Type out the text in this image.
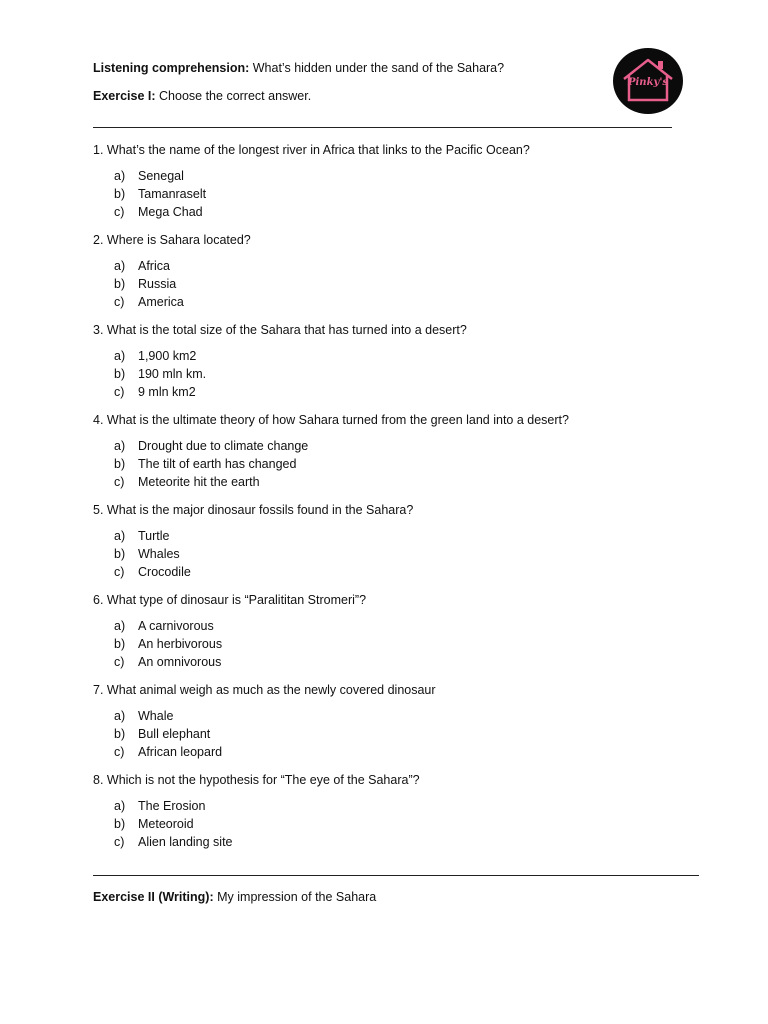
Listening comprehension: What’s hidden under the sand of the Sahara?
Exercise I: Choose the correct answer.
Pinky's
1. What’s the name of the longest river in Africa that links to the Pacific Ocean?
a) Senegal
b) Tamanraselt
c) Mega Chad
2. Where is Sahara located?
a) Africa
b) Russia
c) America
3. What is the total size of the Sahara that has turned into a desert?
a) 1,900 km2
b) 190 mln km.
c) 9 mln km2
4. What is the ultimate theory of how Sahara turned from the green land into a desert?
a) Drought due to climate change
b) The tilt of earth has changed
c) Meteorite hit the earth
5. What is the major dinosaur fossils found in the Sahara?
a) Turtle
b) Whales
c) Crocodile
6. What type of dinosaur is “Paralititan Stromeri”?
a) A carnivorous
b) An herbivorous
c) An omnivorous
7. What animal weigh as much as the newly covered dinosaur
a) Whale
b) Bull elephant
c) African leopard
8. Which is not the hypothesis for “The eye of the Sahara”?
a) The Erosion
b) Meteoroid
c) Alien landing site
Exercise II (Writing): My impression of the Sahara
